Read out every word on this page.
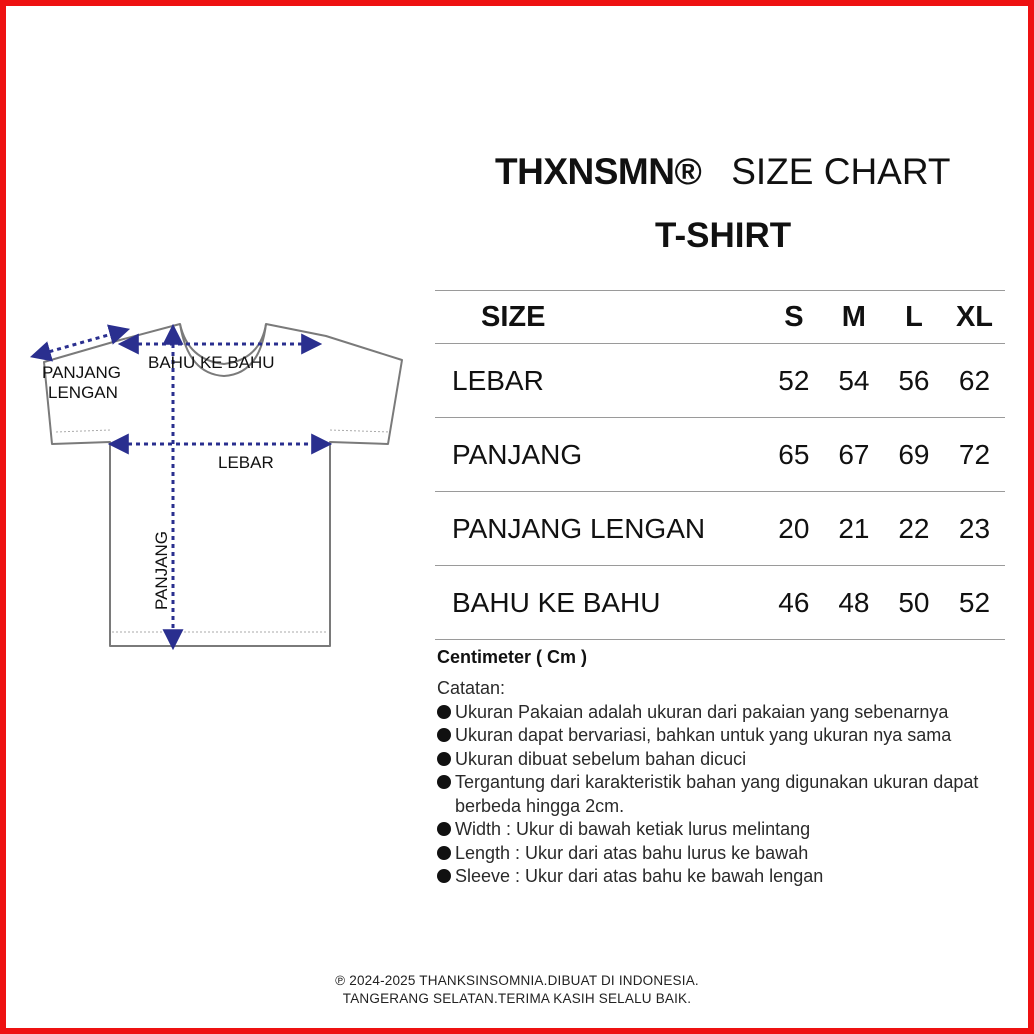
THXNSMN® SIZE CHART
T-SHIRT
PANJANG
LENGAN
BAHU KE BAHU
LEBAR
PANJANG
SIZE	S	M	L	XL
LEBAR	52	54	56	62
PANJANG	65	67	69	72
PANJANG LENGAN	20	21	22	23
BAHU KE BAHU	46	48	50	52
Centimeter ( Cm )

Catatan:

Ukuran Pakaian adalah ukuran dari pakaian yang sebenarnya
Ukuran dapat bervariasi, bahkan untuk yang ukuran nya sama
Ukuran dibuat sebelum bahan dicuci
Tergantung dari karakteristik bahan yang digunakan ukuran dapat berbeda hingga 2cm.
Width : Ukur di bawah ketiak lurus melintang
Length : Ukur dari atas bahu lurus ke bawah
Sleeve : Ukur dari atas bahu ke bawah lengan
℗ 2024-2025 THANKSINSOMNIA.DIBUAT DI INDONESIA.
TANGERANG SELATAN.TERIMA KASIH SELALU BAIK.
